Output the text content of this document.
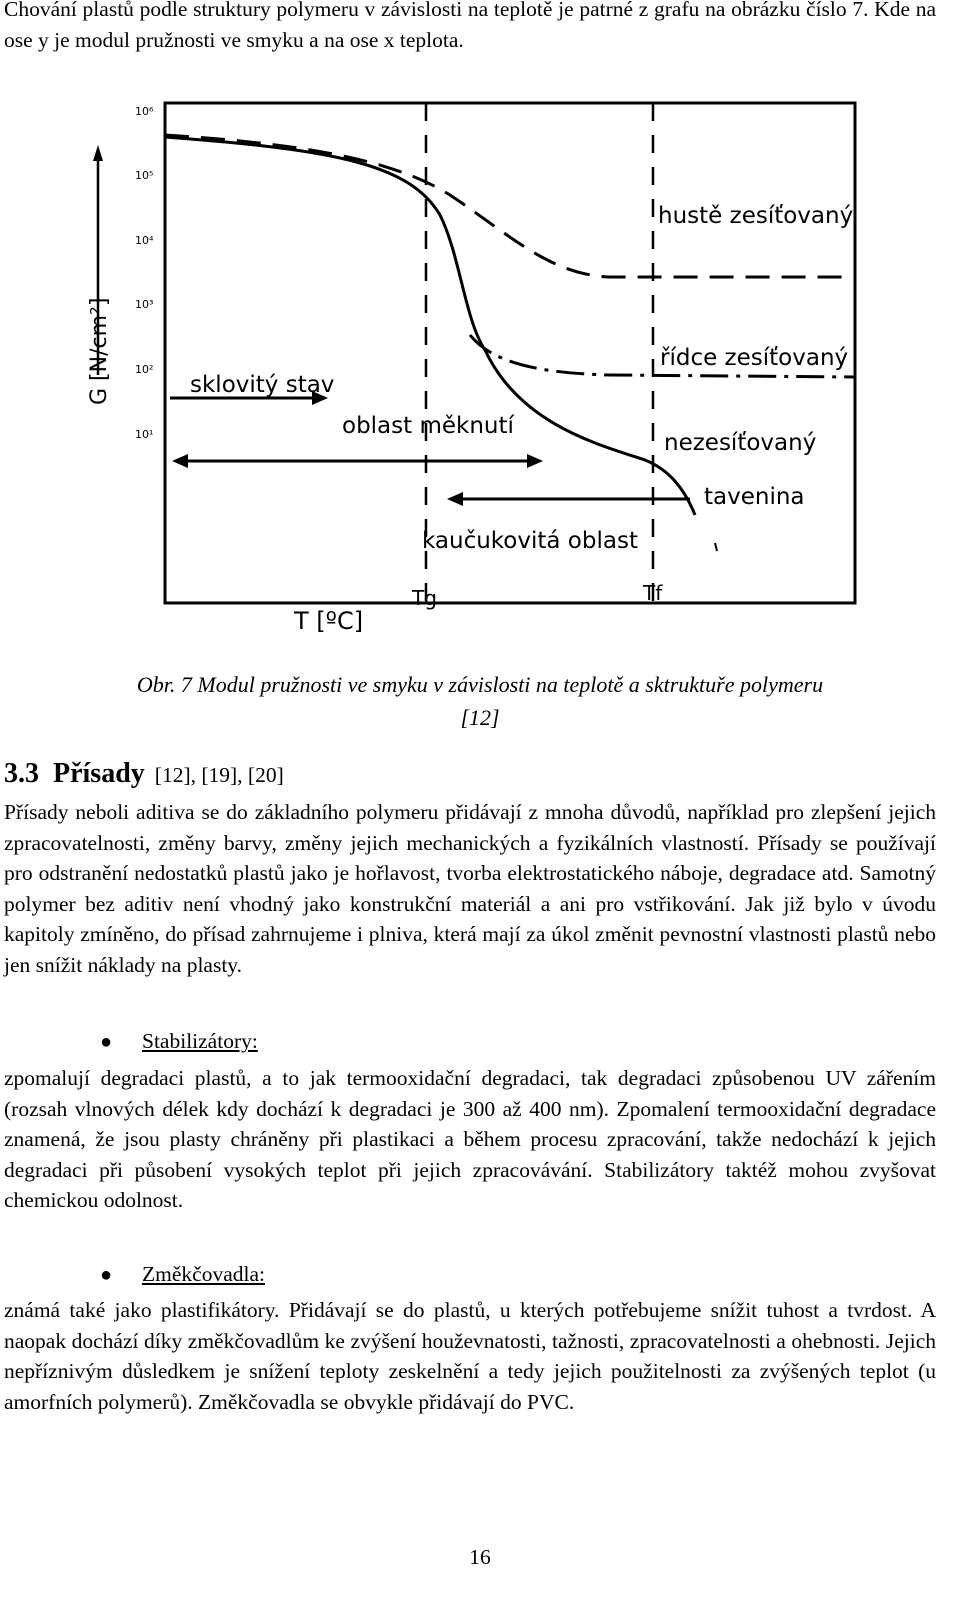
Chování plastů podle struktury polymeru v závislosti na teplotě je patrné z grafu na obrázku číslo 7. Kde na ose y je modul pružnosti ve smyku a na ose x teplota.

G [N/cm²]
10⁶
10⁵
10⁴
10³
10²
10¹
Tg	Tf
T [ºC]
sklovitý stav
oblast měknutí
kaučukovitá oblast
tavenina
hustě zesíťovaný
řídce zesíťovaný
nezesíťovaný
Obr. 7 Modul pružnosti ve smyku v závislosti na teplotě a sktruktuře polymeru
[12]
3.3 Přísady [12], [19], [20]

Přísady neboli aditiva se do základního polymeru přidávají z mnoha důvodů, například pro zlepšení jejich zpracovatelnosti, změny barvy, změny jejich mechanických a fyzikálních vlastností. Přísady se používají pro odstranění nedostatků plastů jako je hořlavost, tvorba elektrostatického náboje, degradace atd. Samotný polymer bez aditiv není vhodný jako konstrukční materiál a ani pro vstřikování. Jak již bylo v úvodu kapitoly zmíněno, do přísad zahrnujeme i plniva, která mají za úkol změnit pevnostní vlastnosti plastů nebo jen snížit náklady na plasty.

● Stabilizátory:

zpomalují degradaci plastů, a to jak termooxidační degradaci, tak degradaci způsobenou UV zářením (rozsah vlnových délek kdy dochází k degradaci je 300 až 400 nm). Zpomalení termooxidační degradace znamená, že jsou plasty chráněny při plastikaci a během procesu zpracování, takže nedochází k jejich degradaci při působení vysokých teplot při jejich zpracovávání. Stabilizátory taktéž mohou zvyšovat chemickou odolnost.

● Změkčovadla:

známá také jako plastifikátory. Přidávají se do plastů, u kterých potřebujeme snížit tuhost a tvrdost. A naopak dochází díky změkčovadlům ke zvýšení houževnatosti, tažnosti, zpracovatelnosti a ohebnosti. Jejich nepříznivým důsledkem je snížení teploty zeskelnění a tedy jejich použitelnosti za zvýšených teplot (u amorfních polymerů). Změkčovadla se obvykle přidávají do PVC.

16
